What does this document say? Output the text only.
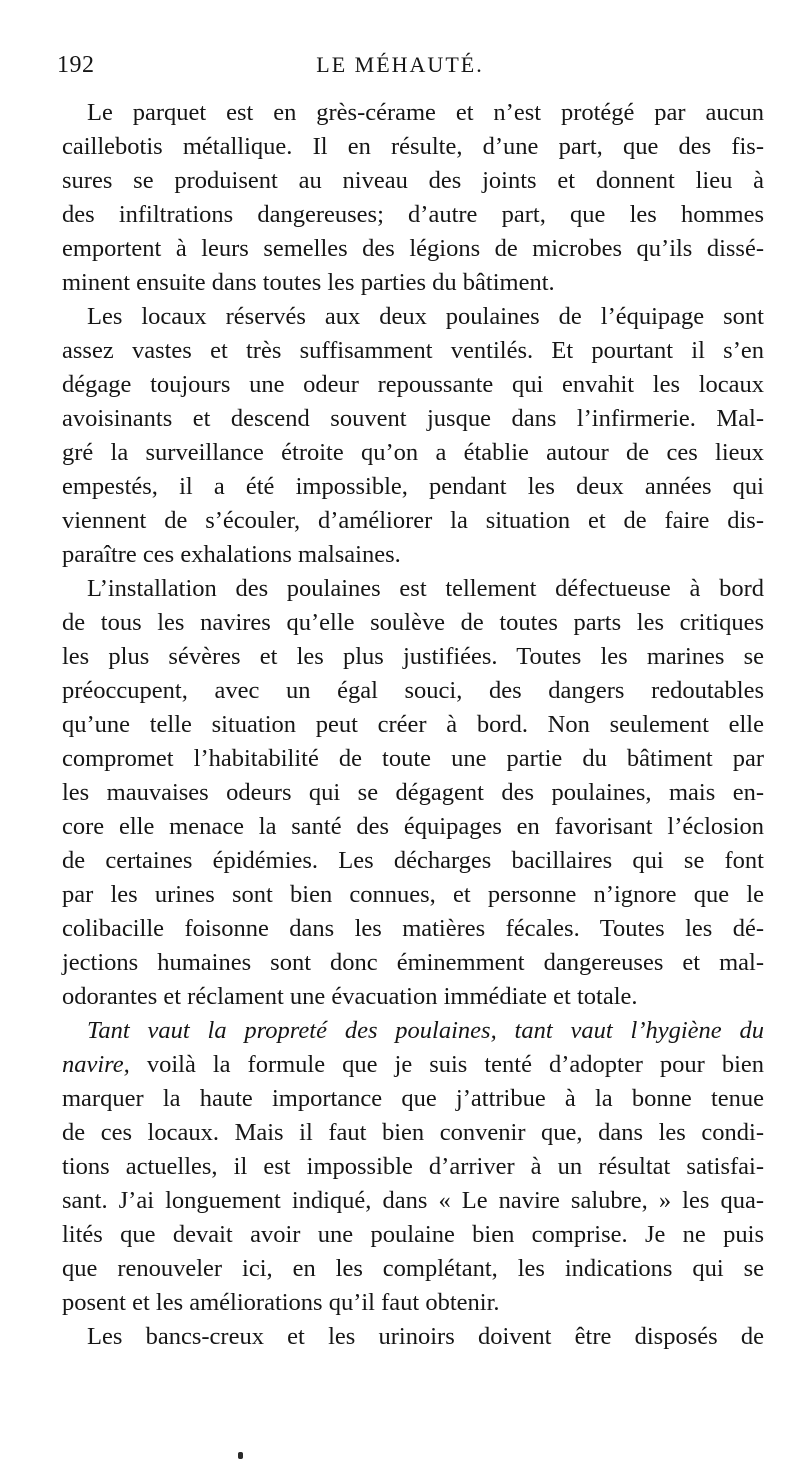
192	LE MÉHAUTÉ.
Le parquet est en grès-cérame et n’est protégé par aucun
caillebotis métallique. Il en résulte, d’une part, que des fis-
sures se produisent au niveau des joints et donnent lieu à
des infiltrations dangereuses; d’autre part, que les hommes
emportent à leurs semelles des légions de microbes qu’ils dissé-
minent ensuite dans toutes les parties du bâtiment.
Les locaux réservés aux deux poulaines de l’équipage sont
assez vastes et très suffisamment ventilés. Et pourtant il s’en
dégage toujours une odeur repoussante qui envahit les locaux
avoisinants et descend souvent jusque dans l’infirmerie. Mal-
gré la surveillance étroite qu’on a établie autour de ces lieux
empestés, il a été impossible, pendant les deux années qui
viennent de s’écouler, d’améliorer la situation et de faire dis-
paraître ces exhalations malsaines.
L’installation des poulaines est tellement défectueuse à bord
de tous les navires qu’elle soulève de toutes parts les critiques
les plus sévères et les plus justifiées. Toutes les marines se
préoccupent, avec un égal souci, des dangers redoutables
qu’une telle situation peut créer à bord. Non seulement elle
compromet l’habitabilité de toute une partie du bâtiment par
les mauvaises odeurs qui se dégagent des poulaines, mais en-
core elle menace la santé des équipages en favorisant l’éclosion
de certaines épidémies. Les décharges bacillaires qui se font
par les urines sont bien connues, et personne n’ignore que le
colibacille foisonne dans les matières fécales. Toutes les dé-
jections humaines sont donc éminemment dangereuses et mal-
odorantes et réclament une évacuation immédiate et totale.
Tant vaut la propreté des poulaines, tant vaut l’hygiène du
navire, voilà la formule que je suis tenté d’adopter pour bien
marquer la haute importance que j’attribue à la bonne tenue
de ces locaux. Mais il faut bien convenir que, dans les condi-
tions actuelles, il est impossible d’arriver à un résultat satisfai-
sant. J’ai longuement indiqué, dans « Le navire salubre, » les qua-
lités que devait avoir une poulaine bien comprise. Je ne puis
que renouveler ici, en les complétant, les indications qui se
posent et les améliorations qu’il faut obtenir.
Les bancs-creux et les urinoirs doivent être disposés de
